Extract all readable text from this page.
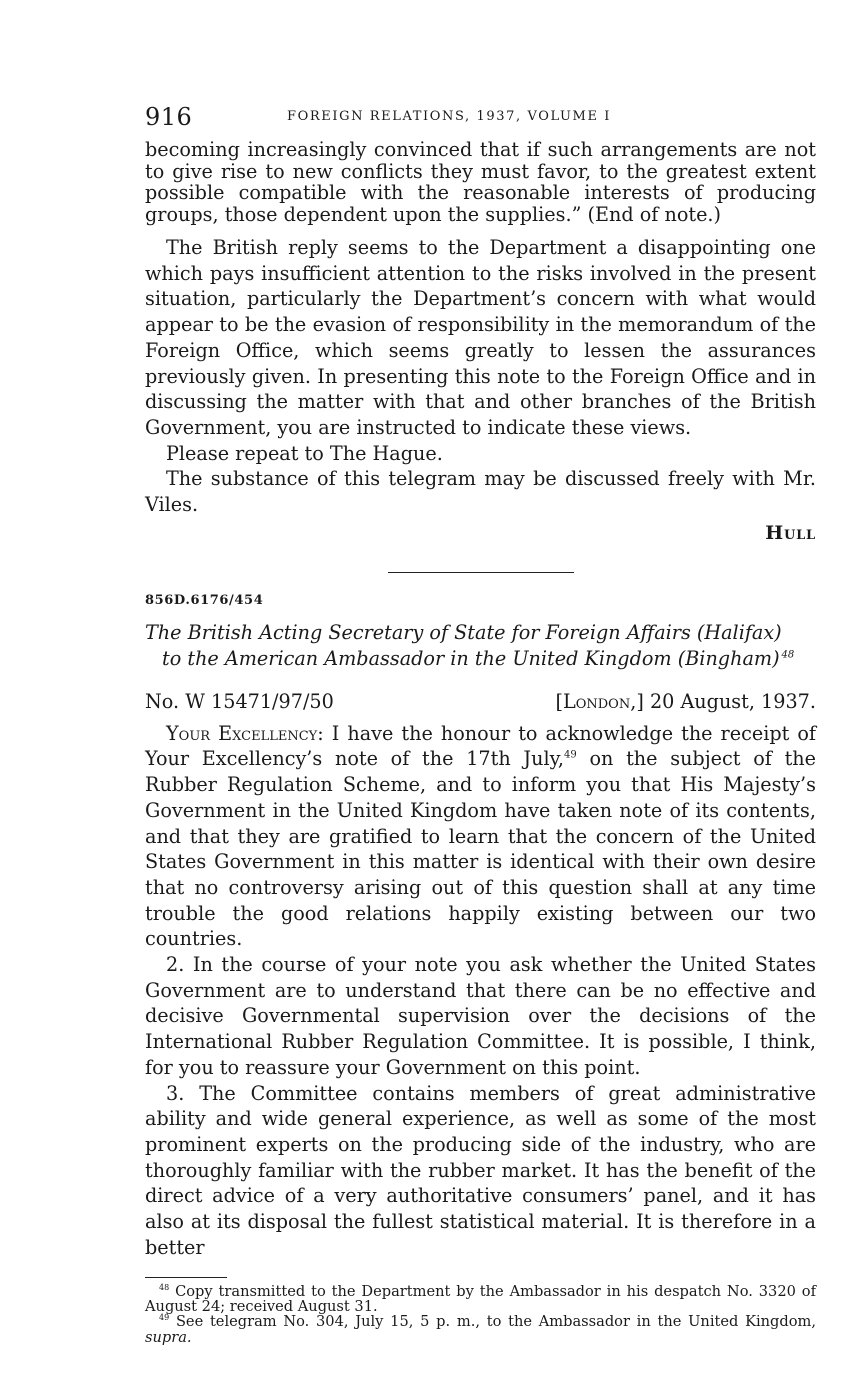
916	FOREIGN RELATIONS, 1937, VOLUME I

becoming increasingly convinced that if such arrangements are not to give rise to new conflicts they must favor, to the greatest extent possible compatible with the reasonable interests of producing groups, those dependent upon the supplies.” (End of note.)

The British reply seems to the Department a disappointing one which pays insufficient attention to the risks involved in the present situation, particularly the Department’s concern with what would appear to be the evasion of responsibility in the memorandum of the Foreign Office, which seems greatly to lessen the assurances previously given. In presenting this note to the Foreign Office and in discussing the matter with that and other branches of the British Government, you are instructed to indicate these views.

Please repeat to The Hague.

The substance of this telegram may be discussed freely with Mr. Viles.

Hull
856D.6176/454
The British Acting Secretary of State for Foreign Affairs (Halifax)
to the American Ambassador in the United Kingdom (Bingham)  $^{48}$
No. W 15471/97/50	[London,] 20 August, 1937.

Your Excellency: I have the honour to acknowledge the receipt of Your Excellency’s note of the 17th July,$^{49}$ on the subject of the Rubber Regulation Scheme, and to inform you that His Majesty’s Government in the United Kingdom have taken note of its contents, and that they are gratified to learn that the concern of the United States Government in this matter is identical with their own desire that no controversy arising out of this question shall at any time trouble the good relations happily existing between our two countries.

2. In the course of your note you ask whether the United States Government are to understand that there can be no effective and decisive Governmental supervision over the decisions of the International Rubber Regulation Committee. It is possible, I think, for you to reassure your Government on this point.

3. The Committee contains members of great administrative ability and wide general experience, as well as some of the most prominent experts on the producing side of the industry, who are thoroughly familiar with the rubber market. It has the benefit of the direct advice of a very authoritative consumers’ panel, and it has also at its disposal the fullest statistical material. It is therefore in a better

$^{48}$ Copy transmitted to the Department by the Ambassador in his despatch No. 3320 of August 24; received August 31.

$^{49}$ See telegram No. 304, July 15, 5 p. m., to the Ambassador in the United Kingdom, supra.
